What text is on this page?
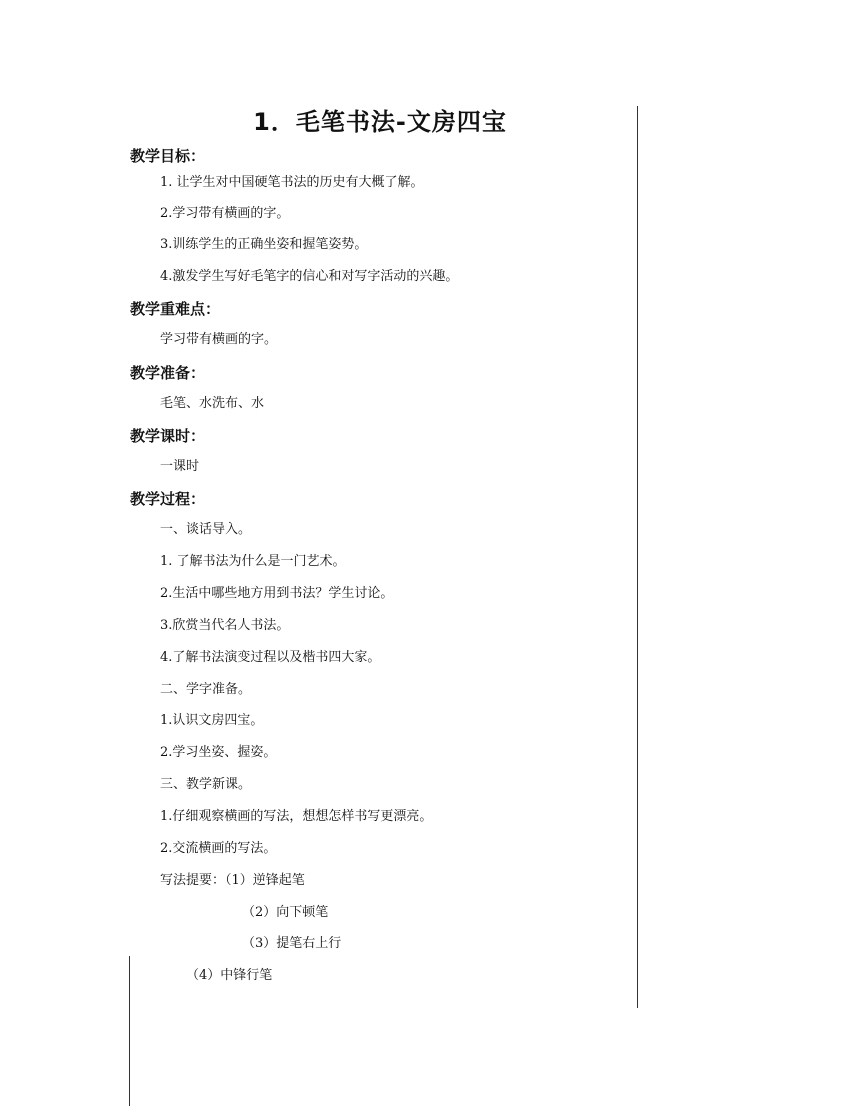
1．毛笔书法-文房四宝
教学目标：
1. 让学生对中国硬笔书法的历史有大概了解。
2.学习带有横画的字。
3.训练学生的正确坐姿和握笔姿势。
4.激发学生写好毛笔字的信心和对写字活动的兴趣。
教学重难点：
学习带有横画的字。
教学准备：
毛笔、水洗布、水
教学课时：
一课时
教学过程：
一、谈话导入。
1. 了解书法为什么是一门艺术。
2.生活中哪些地方用到书法？学生讨论。
3.欣赏当代名人书法。
4.了解书法演变过程以及楷书四大家。
二、学字准备。
1.认识文房四宝。
2.学习坐姿、握姿。
三、教学新课。
1.仔细观察横画的写法，想想怎样书写更漂亮。
2.交流横画的写法。
写法提要：（1）逆锋起笔
（2）向下顿笔
（3）提笔右上行
（4）中锋行笔
